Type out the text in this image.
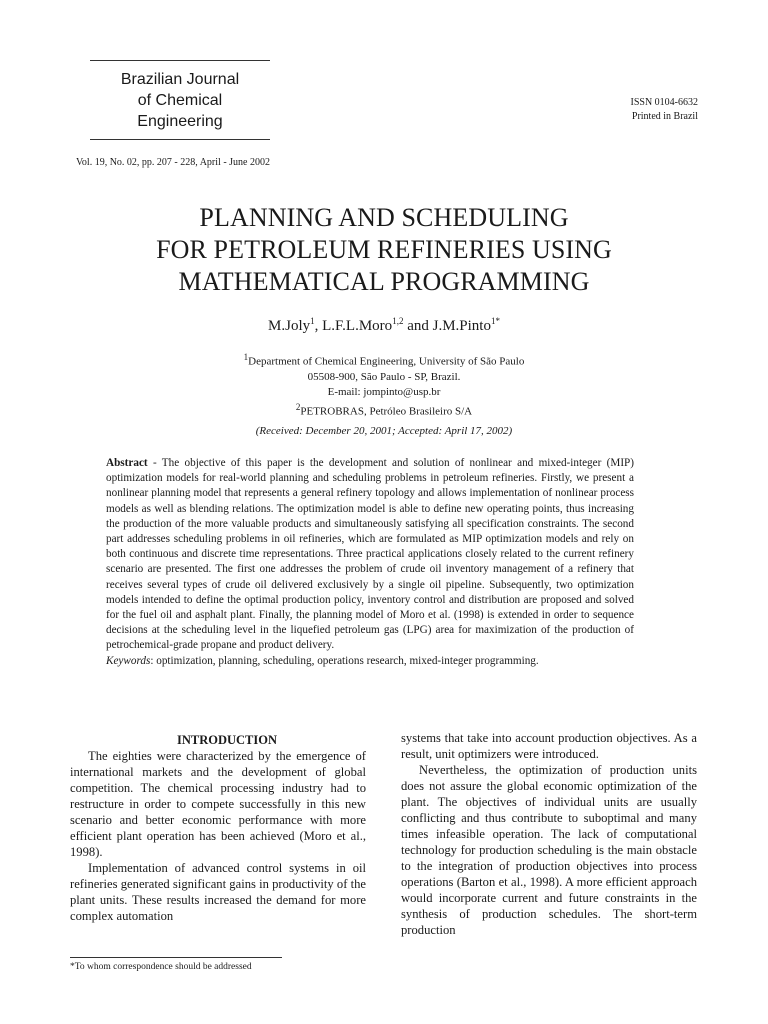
Brazilian Journal
of Chemical
Engineering
ISSN 0104-6632
Printed in Brazil
Vol. 19, No. 02, pp. 207 - 228, April - June 2002
PLANNING AND SCHEDULING
FOR PETROLEUM REFINERIES USING
MATHEMATICAL PROGRAMMING
M.Joly$^1$, L.F.L.Moro$^{1,2}$ and J.M.Pinto$^{1*}$
$^1$Department of Chemical Engineering, University of São Paulo
05508-900, São Paulo - SP, Brazil.
E-mail: jompinto@usp.br
$^2$PETROBRAS, Petróleo Brasileiro S/A
(Received: December 20, 2001; Accepted: April 17, 2002)

Abstract - The objective of this paper is the development and solution of nonlinear and mixed-integer (MIP) optimization models for real-world planning and scheduling problems in petroleum refineries. Firstly, we present a nonlinear planning model that represents a general refinery topology and allows implementation of nonlinear process models as well as blending relations. The optimization model is able to define new operating points, thus increasing the production of the more valuable products and simultaneously satisfying all specification constraints. The second part addresses scheduling problems in oil refineries, which are formulated as MIP optimization models and rely on both continuous and discrete time representations. Three practical applications closely related to the current refinery scenario are presented. The first one addresses the problem of crude oil inventory management of a refinery that receives several types of crude oil delivered exclusively by a single oil pipeline. Subsequently, two optimization models intended to define the optimal production policy, inventory control and distribution are proposed and solved for the fuel oil and asphalt plant. Finally, the planning model of Moro et al. (1998) is extended in order to sequence decisions at the scheduling level in the liquefied petroleum gas (LPG) area for maximization of the production of petrochemical-grade propane and product delivery.

Keywords: optimization, planning, scheduling, operations research, mixed-integer programming.

INTRODUCTION

The eighties were characterized by the emergence of international markets and the development of global competition. The chemical processing industry had to restructure in order to compete successfully in this new scenario and better economic performance with more efficient plant operation has been achieved (Moro et al., 1998).

Implementation of advanced control systems in oil refineries generated significant gains in productivity of the plant units. These results increased the demand for more complex automation

systems that take into account production objectives. As a result, unit optimizers were introduced.

Nevertheless, the optimization of production units does not assure the global economic optimization of the plant. The objectives of individual units are usually conflicting and thus contribute to suboptimal and many times infeasible operation. The lack of computational technology for production scheduling is the main obstacle to the integration of production objectives into process operations (Barton et al., 1998). A more efficient approach would incorporate current and future constraints in the synthesis of production schedules. The short-term production

*To whom correspondence should be addressed
